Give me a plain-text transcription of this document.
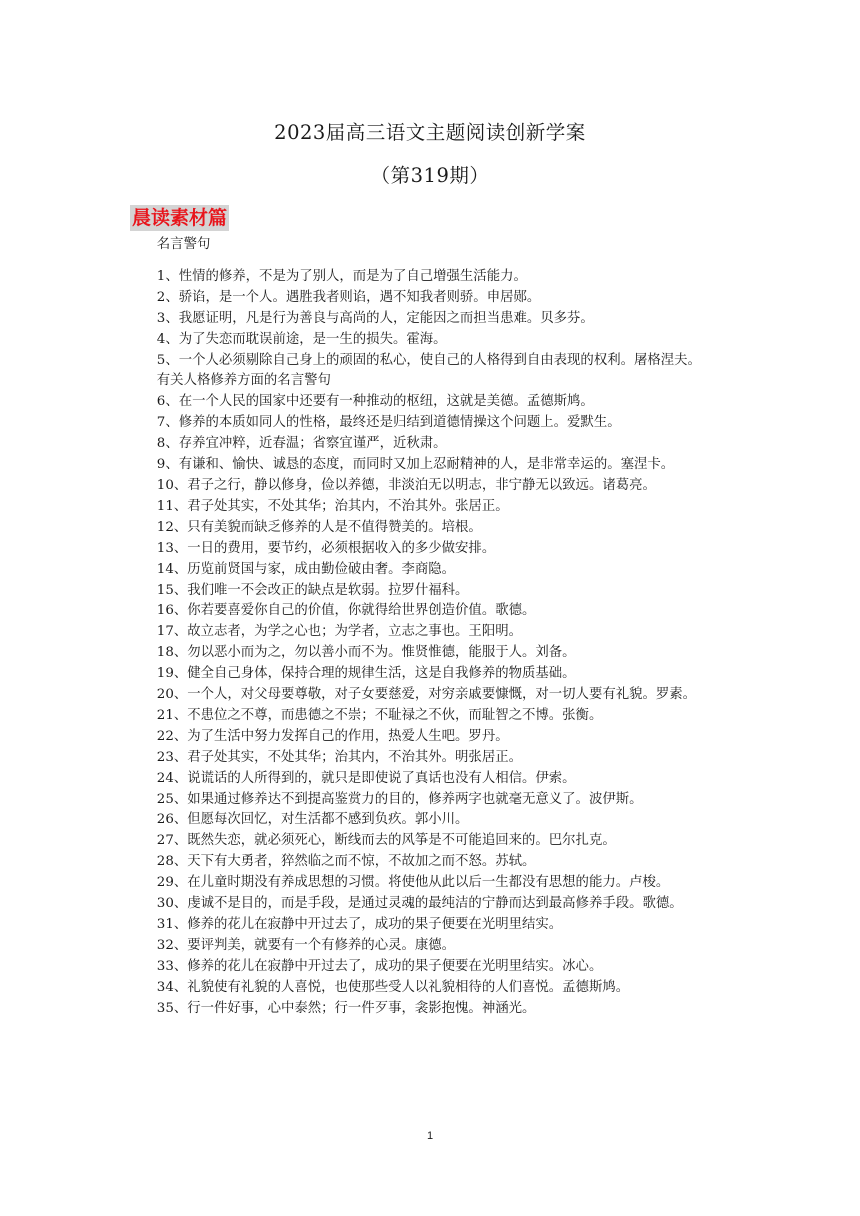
2023届高三语文主题阅读创新学案
（第319期）
晨读素材篇

名言警句

1、性情的修养，不是为了别人，而是为了自己增强生活能力。

2、骄谄，是一个人。遇胜我者则谄，遇不知我者则骄。申居郧。

3、我愿证明，凡是行为善良与高尚的人，定能因之而担当患难。贝多芬。

4、为了失恋而耽误前途，是一生的损失。霍海。

5、一个人必须剔除自己身上的顽固的私心，使自己的人格得到自由表现的权利。屠格涅夫。

有关人格修养方面的名言警句

6、在一个人民的国家中还要有一种推动的枢纽，这就是美德。孟德斯鸠。

7、修养的本质如同人的性格，最终还是归结到道德情操这个问题上。爱默生。

8、存养宜冲粹，近春温；省察宜谨严，近秋肃。

9、有谦和、愉快、诚恳的态度，而同时又加上忍耐精神的人，是非常幸运的。塞涅卡。

10、君子之行，静以修身，俭以养德，非淡泊无以明志，非宁静无以致远。诸葛亮。

11、君子处其实，不处其华；治其内，不治其外。张居正。

12、只有美貌而缺乏修养的人是不值得赞美的。培根。

13、一日的费用，要节约，必须根据收入的多少做安排。

14、历览前贤国与家，成由勤俭破由奢。李商隐。

15、我们唯一不会改正的缺点是软弱。拉罗什福科。

16、你若要喜爱你自己的价值，你就得给世界创造价值。歌德。

17、故立志者，为学之心也；为学者，立志之事也。王阳明。

18、勿以恶小而为之，勿以善小而不为。惟贤惟德，能服于人。刘备。

19、健全自己身体，保持合理的规律生活，这是自我修养的物质基础。

20、一个人，对父母要尊敬，对子女要慈爱，对穷亲戚要慷慨，对一切人要有礼貌。罗素。

21、不患位之不尊，而患德之不崇；不耻禄之不伙，而耻智之不博。张衡。

22、为了生活中努力发挥自己的作用，热爱人生吧。罗丹。

23、君子处其实，不处其华；治其内，不治其外。明张居正。

24、说谎话的人所得到的，就只是即使说了真话也没有人相信。伊索。

25、如果通过修养达不到提高鉴赏力的目的，修养两字也就毫无意义了。波伊斯。

26、但愿每次回忆，对生活都不感到负疚。郭小川。

27、既然失恋，就必须死心，断线而去的风筝是不可能追回来的。巴尔扎克。

28、天下有大勇者，猝然临之而不惊，不故加之而不怒。苏轼。

29、在儿童时期没有养成思想的习惯。将使他从此以后一生都没有思想的能力。卢梭。

30、虔诚不是目的，而是手段，是通过灵魂的最纯洁的宁静而达到最高修养手段。歌德。

31、修养的花儿在寂静中开过去了，成功的果子便要在光明里结实。

32、要评判美，就要有一个有修养的心灵。康德。

33、修养的花儿在寂静中开过去了，成功的果子便要在光明里结实。冰心。

34、礼貌使有礼貌的人喜悦，也使那些受人以礼貌相待的人们喜悦。孟德斯鸠。

35、行一件好事，心中泰然；行一件歹事，衾影抱愧。神涵光。

1
